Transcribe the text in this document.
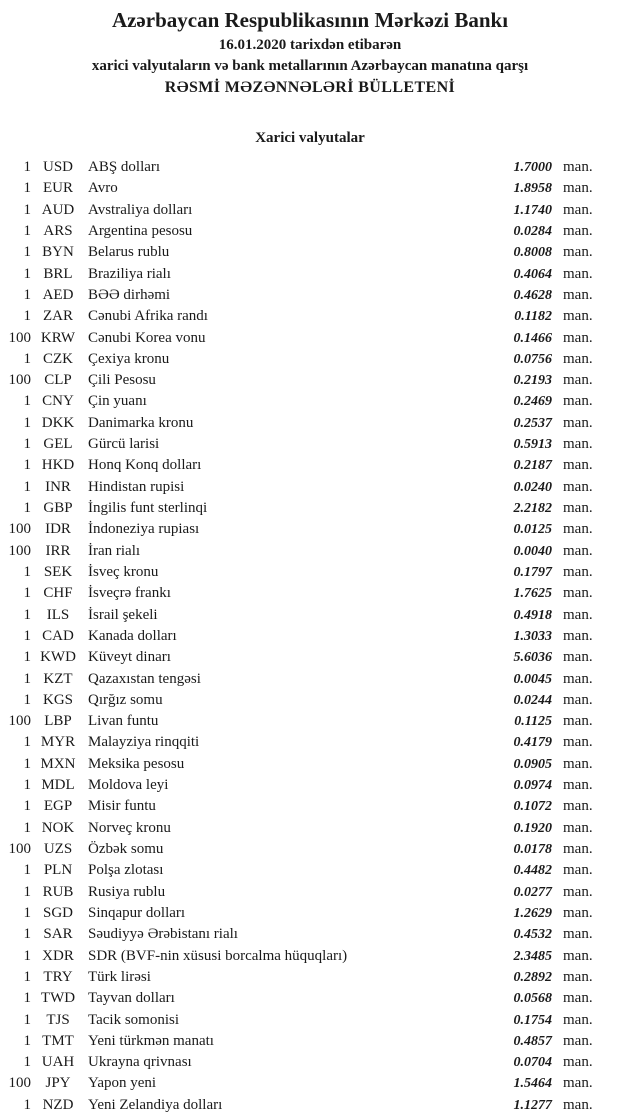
Azərbaycan Respublikasının Mərkəzi Bankı
16.01.2020 tarixdən etibarən
xarici valyutaların və bank metallarının Azərbaycan manatına qarşı
RƏSMİ MƏZƏNNƏLƏRİ BÜLLETENİ
Xarici valyutalar
1 USD	ABŞ dolları	1.7000 man.
1 EUR	Avro	1.8958 man.
1 AUD Avstraliya dolları	1.1740 man.
1 ARS	Argentina pesosu	0.0284 man.
1 BYN Belarus rublu	0.8008 man.
1 BRL	Braziliya rialı	0.4064 man.
1 AED BƏƏ dirhəmi	0.4628 man.
1 ZAR	Cənubi Afrika randı	0.1182 man.
100 KRW Cənubi Korea vonu	0.1466 man.
1 CZK	Çexiya kronu	0.0756 man.
100 CLP	Çili Pesosu	0.2193 man.
1 CNY Çin yuanı	0.2469 man.
1 DKK Danimarka kronu	0.2537 man.
1 GEL	Gürcü larisi	0.5913 man.
1 HKD Honq Konq dolları	0.2187 man.
1 INR	Hindistan rupisi	0.0240 man.
1 GBP	İngilis funt sterlinqi	2.2182 man.
100 IDR	İndoneziya rupiası	0.0125 man.
100 IRR	İran rialı	0.0040 man.
1 SEK	İsveç kronu	0.1797 man.
1 CHF	İsveçrə frankı	1.7625 man.
1	ILS	İsrail şekeli	0.4918 man.
1 CAD Kanada dolları	1.3033 man.
1 KWD Küveyt dinarı	5.6036 man.
1 KZT	Qazaxıstan tengəsi	0.0045 man.
1 KGS	Qırğız somu	0.0244 man.
100 LBP	Livan funtu	0.1125 man.
1 MYR Malayziya rinqqiti	0.4179 man.
1 MXN Meksika pesosu	0.0905 man.
1 MDL Moldova leyi	0.0974 man.
1 EGP	Misir funtu	0.1072 man.
1 NOK Norveç kronu	0.1920 man.
100 UZS	Özbək somu	0.0178 man.
1 PLN	Polşa zlotası	0.4482 man.
1 RUB Rusiya rublu	0.0277 man.
1 SGD	Sinqapur dolları	1.2629 man.
1 SAR	Səudiyyə Ərəbistanı rialı	0.4532 man.
1 XDR SDR (BVF-nin xüsusi borcalma hüquqları)	2.3485 man.
1 TRY	Türk lirəsi	0.2892 man.
1 TWD Tayvan dolları	0.0568 man.
1	TJS	Tacik somonisi	0.1754 man.
1 TMT Yeni türkmən manatı	0.4857 man.
1 UAH Ukrayna qrivnası	0.0704 man.
100 JPY	Yapon yeni	1.5464 man.
1 NZD Yeni Zelandiya dolları	1.1277 man.
